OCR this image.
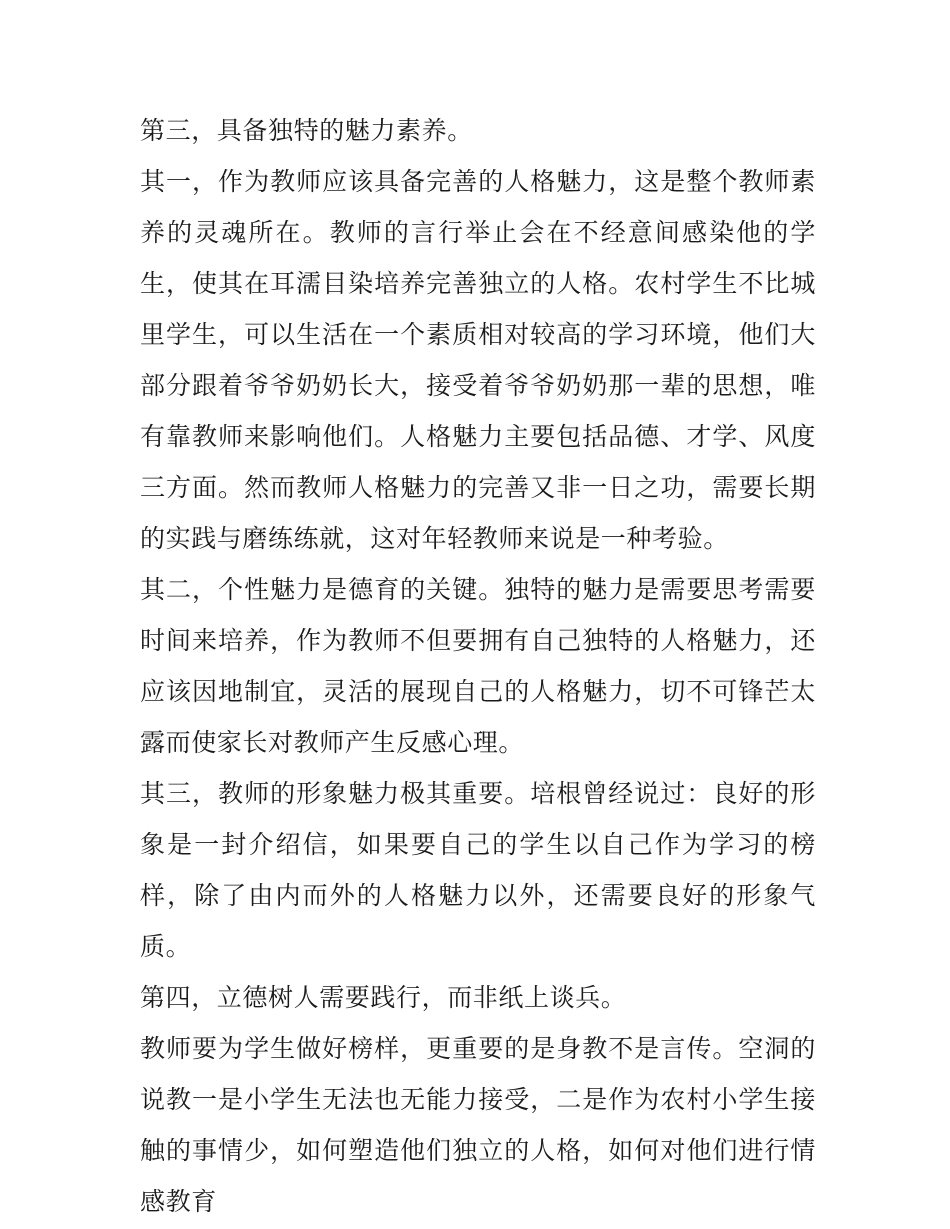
第三，具备独特的魅力素养。

其一，作为教师应该具备完善的人格魅力，这是整个教师素养的灵魂所在。教师的言行举止会在不经意间感染他的学生，使其在耳濡目染培养完善独立的人格。农村学生不比城里学生，可以生活在一个素质相对较高的学习环境，他们大部分跟着爷爷奶奶长大，接受着爷爷奶奶那一辈的思想，唯有靠教师来影响他们。人格魅力主要包括品德、才学、风度三方面。然而教师人格魅力的完善又非一日之功，需要长期的实践与磨练练就，这对年轻教师来说是一种考验。

其二，个性魅力是德育的关键。独特的魅力是需要思考需要时间来培养，作为教师不但要拥有自己独特的人格魅力，还应该因地制宜，灵活的展现自己的人格魅力，切不可锋芒太露而使家长对教师产生反感心理。

其三，教师的形象魅力极其重要。培根曾经说过：良好的形象是一封介绍信，如果要自己的学生以自己作为学习的榜样，除了由内而外的人格魅力以外，还需要良好的形象气质。

第四，立德树人需要践行，而非纸上谈兵。

教师要为学生做好榜样，更重要的是身教不是言传。空洞的说教一是小学生无法也无能力接受，二是作为农村小学生接触的事情少，如何塑造他们独立的人格，如何对他们进行情感教育
